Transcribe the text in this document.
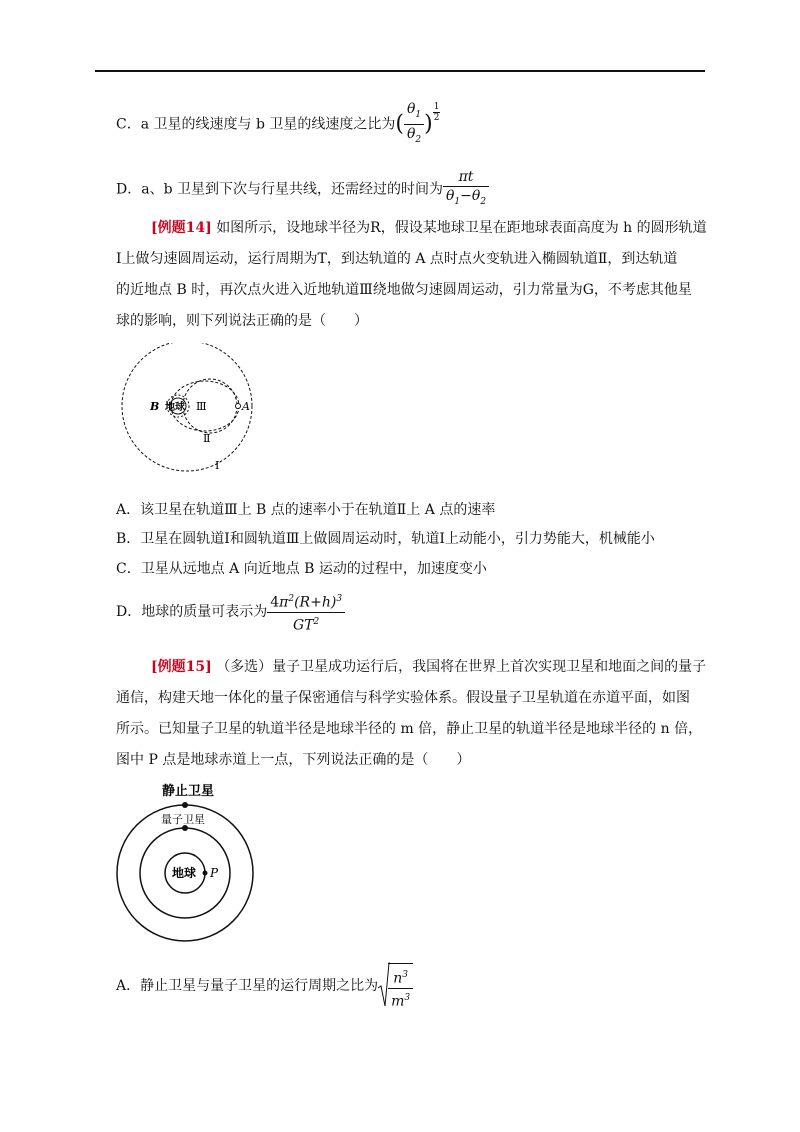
C．a 卫星的线速度与 b 卫星的线速度之比为( $\frac{\theta_1}{\theta_2}$ ) $\frac{1}{2}$
D．a、b 卫星到下次与行星共线，还需经过的时间为 $\frac{\pi t}{\theta_1-\theta_2}$
[例题14] 如图所示，设地球半径为R，假设某地球卫星在距地球表面高度为 h 的圆形轨道
Ⅰ上做匀速圆周运动，运行周期为T，到达轨道的 A 点时点火变轨进入椭圆轨道Ⅱ，到达轨道
的近地点 B 时，再次点火进入近地轨道Ⅲ绕地做匀速圆周运动，引力常量为G，不考虑其他星
球的影响，则下列说法正确的是（　　）
B 地球 Ⅲ	A
Ⅱ
Ⅰ
A．该卫星在轨道Ⅲ上 B 点的速率小于在轨道Ⅱ上 A 点的速率
B．卫星在圆轨道Ⅰ和圆轨道Ⅲ上做圆周运动时，轨道Ⅰ上动能小，引力势能大，机械能小
C．卫星从远地点 A 向近地点 B 运动的过程中，加速度变小
D．地球的质量可表示为 $\frac{4\pi^2(R+h)^3}{GT^2}$
[例题15] （多选）量子卫星成功运行后，我国将在世界上首次实现卫星和地面之间的量子
通信，构建天地一体化的量子保密通信与科学实验体系。假设量子卫星轨道在赤道平面，如图
所示。已知量子卫星的轨道半径是地球半径的 m 倍，静止卫星的轨道半径是地球半径的 n 倍，
图中 P 点是地球赤道上一点，下列说法正确的是（　　）
静止卫星
量子卫星
地球 P
A．静止卫星与量子卫星的运行周期之比为 $\frac{n^3}{m^3}$
